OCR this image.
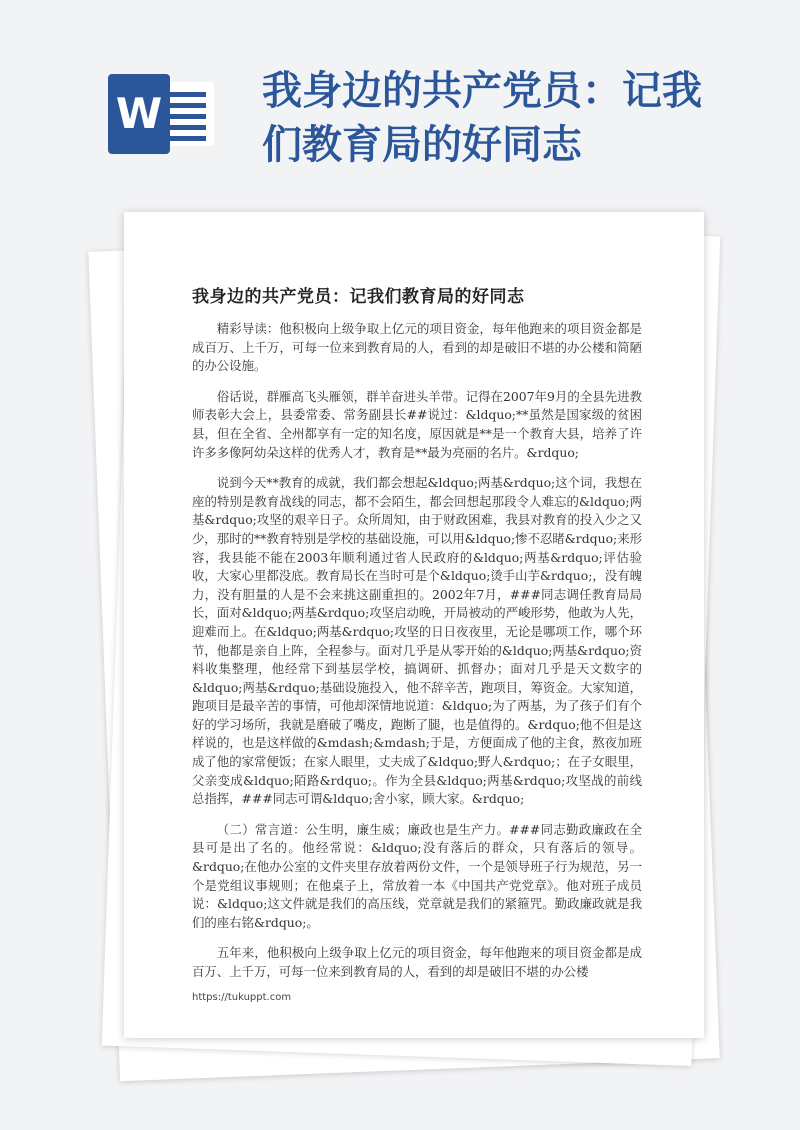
W 我身边的共产党员：记我们教育局的好同志
我身边的共产党员：记我们教育局的好同志

精彩导读：他积极向上级争取上亿元的项目资金，每年他跑来的项目资金都是成百万、上千万，可每一位来到教育局的人，看到的却是破旧不堪的办公楼和简陋的办公设施。

俗话说，群雁高飞头雁领，群羊奋进头羊带。记得在2007年9月的全县先进教师表彰大会上，县委常委、常务副县长##说过：&ldquo;**虽然是国家级的贫困县，但在全省、全州都享有一定的知名度，原因就是**是一个教育大县，培养了许许多多像阿幼朵这样的优秀人才，教育是**最为亮丽的名片。&rdquo;

说到今天**教育的成就，我们都会想起&ldquo;两基&rdquo;这个词，我想在座的特别是教育战线的同志，都不会陌生，都会回想起那段令人难忘的&ldquo;两基&rdquo;攻坚的艰辛日子。众所周知，由于财政困难，我县对教育的投入少之又少，那时的**教育特别是学校的基础设施，可以用&ldquo;惨不忍睹&rdquo;来形容，我县能不能在2003年顺利通过省人民政府的&ldquo;两基&rdquo;评估验收，大家心里都没底。教育局长在当时可是个&ldquo;烫手山芋&rdquo;，没有魄力，没有胆量的人是不会来挑这副重担的。2002年7月，###同志调任教育局局长，面对&ldquo;两基&rdquo;攻坚启动晚，开局被动的严峻形势，他敢为人先，迎难而上。在&ldquo;两基&rdquo;攻坚的日日夜夜里，无论是哪项工作，哪个环节，他都是亲自上阵，全程参与。面对几乎是从零开始的&ldquo;两基&rdquo;资料收集整理，他经常下到基层学校，搞调研、抓督办；面对几乎是天文数字的&ldquo;两基&rdquo;基础设施投入，他不辞辛苦，跑项目，筹资金。大家知道，跑项目是最辛苦的事情，可他却深情地说道：&ldquo;为了两基，为了孩子们有个好的学习场所，我就是磨破了嘴皮，跑断了腿，也是值得的。&rdquo;他不但是这样说的，也是这样做的&mdash;&mdash;于是，方便面成了他的主食，熬夜加班成了他的家常便饭；在家人眼里，丈夫成了&ldquo;野人&rdquo;；在子女眼里，父亲变成&ldquo;陌路&rdquo;。作为全县&ldquo;两基&rdquo;攻坚战的前线总指挥，###同志可谓&ldquo;舍小家，顾大家。&rdquo;

（二）常言道：公生明，廉生威；廉政也是生产力。###同志勤政廉政在全县可是出了名的。他经常说：&ldquo;没有落后的群众，只有落后的领导。&rdquo;在他办公室的文件夹里存放着两份文件，一个是领导班子行为规范，另一个是党组议事规则；在他桌子上，常放着一本《中国共产党党章》。他对班子成员说：&ldquo;这文件就是我们的高压线，党章就是我们的紧箍咒。勤政廉政就是我们的座右铭&rdquo;。

五年来，他积极向上级争取上亿元的项目资金，每年他跑来的项目资金都是成百万、上千万，可每一位来到教育局的人，看到的却是破旧不堪的办公楼

https://tukuppt.com
